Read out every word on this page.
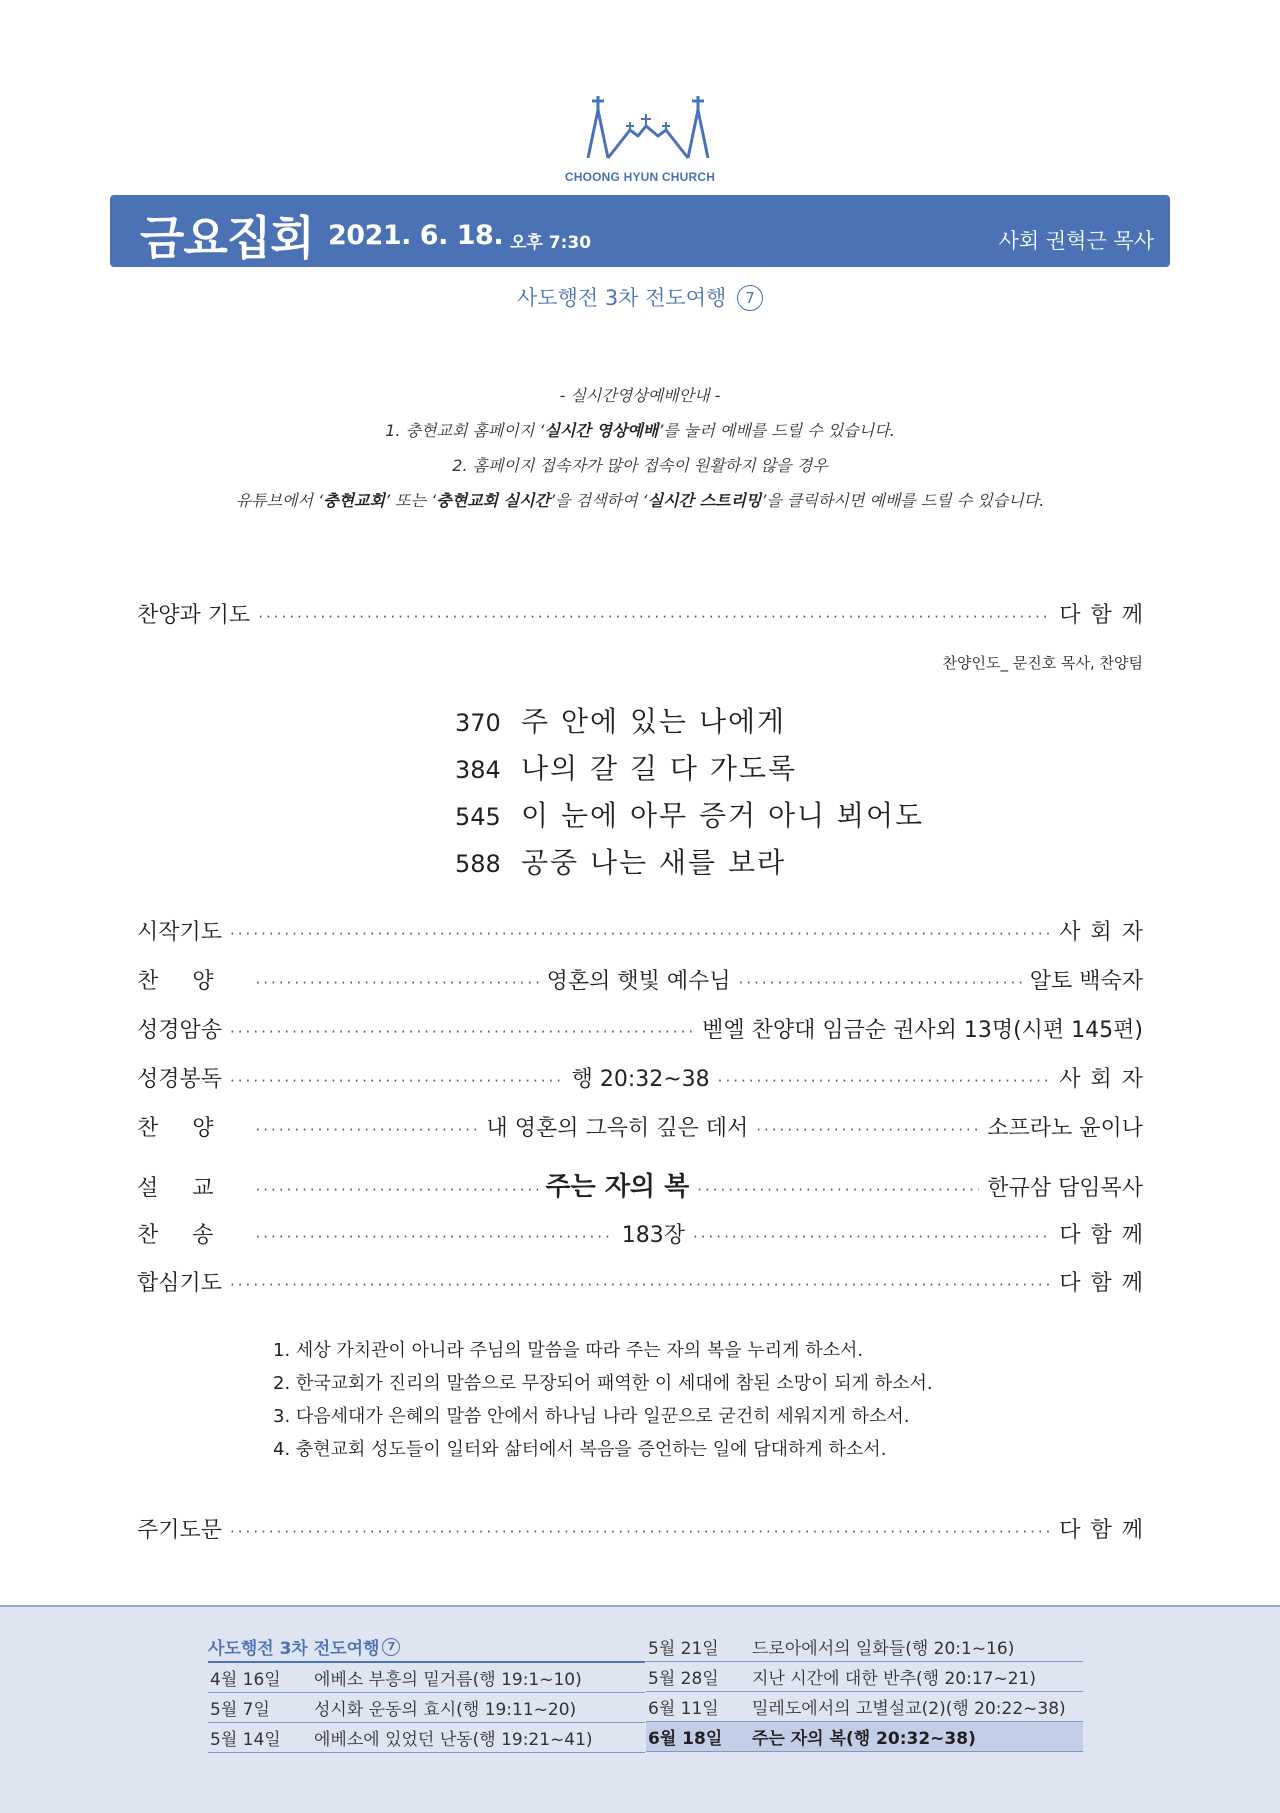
CHOONG HYUN CHURCH
금요집회 2021. 6. 18. 오후 7:30	사회 권혁근 목사
사도행전 3차 전도여행 7
- 실시간영상예배안내 -
1. 충현교회 홈페이지 ‘실시간 영상예배’를 눌러 예배를 드릴 수 있습니다.
2. 홈페이지 접속자가 많아 접속이 원활하지 않을 경우
유튜브에서 ‘충현교회’ 또는 ‘충현교회 실시간’을 검색하여 ‘실시간 스트리밍’을 클릭하시면 예배를 드릴 수 있습니다.
찬양과 기도 ·····	다함께
찬양인도_ 문진호 목사, 찬양팀
370 주 안에 있는 나에게
384 나의 갈 길 다 가도록
545 이 눈에 아무 증거 아니 뵈어도
588 공중 나는 새를 보라
시작기도 ·····	사회자
찬양 ·····	영혼의 햇빛 예수님 ·····	알토 백숙자
성경암송 ·····	벧엘 찬양대 임금순 권사외 13명(시편 145편)
성경봉독 ·····	행 20:32~38 ·····	사회자
찬양 ·····	내 영혼의 그윽히 깊은 데서 ·····	소프라노 윤이나
설교 ·····	주는 자의 복 ·····	한규삼 담임목사
찬송 ·····	183장 ·····	다함께
합심기도 ·····	다함께
1. 세상 가치관이 아니라 주님의 말씀을 따라 주는 자의 복을 누리게 하소서.
2. 한국교회가 진리의 말씀으로 무장되어 패역한 이 세대에 참된 소망이 되게 하소서.
3. 다음세대가 은혜의 말씀 안에서 하나님 나라 일꾼으로 굳건히 세워지게 하소서.
4. 충현교회 성도들이 일터와 삶터에서 복음을 증언하는 일에 담대하게 하소서.
주기도문 ·····	다함께
사도행전 3차 전도여행 7
4월 16일	에베소 부흥의 밑거름(행 19:1~10)
5월 7일	성시화 운동의 효시(행 19:11~20)
5월 14일	에베소에 있었던 난동(행 19:21~41)
5월 21일	드로아에서의 일화들(행 20:1~16)
5월 28일	지난 시간에 대한 반추(행 20:17~21)
6월 11일	밀레도에서의 고별설교(2)(행 20:22~38)
6월 18일	주는 자의 복(행 20:32~38)
